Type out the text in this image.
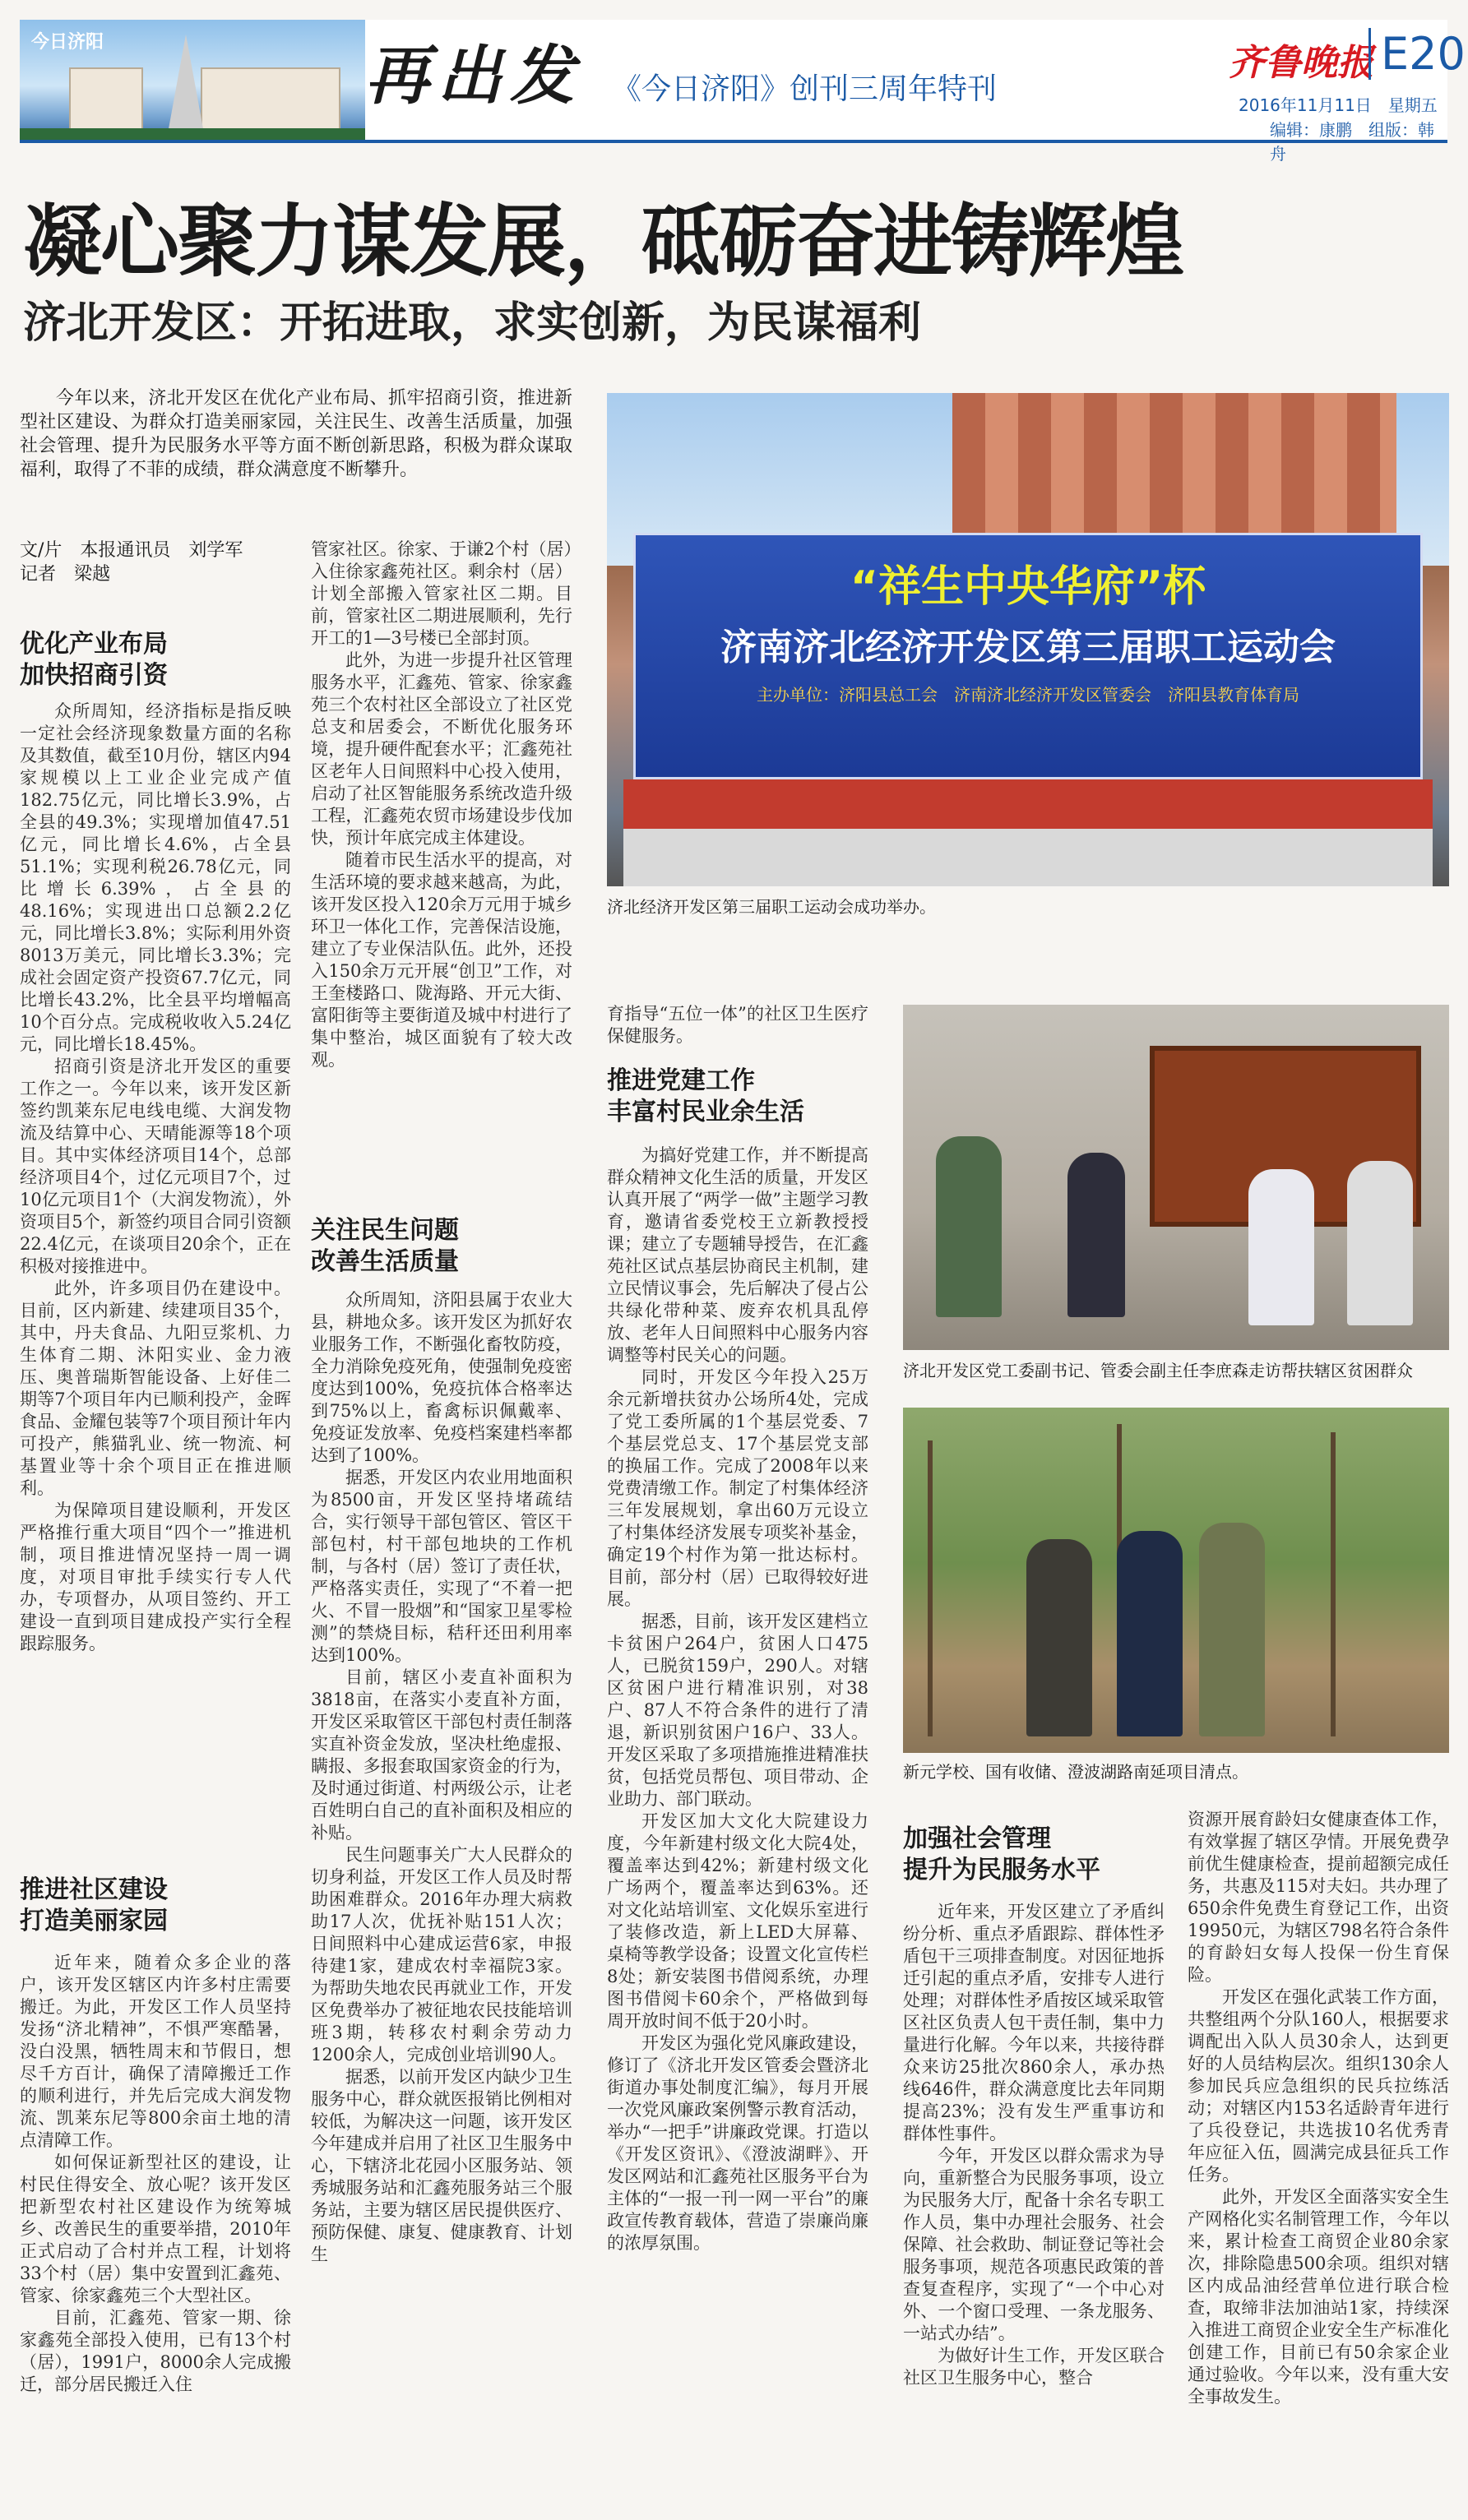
今日济阳	再出发 《今日济阳》创刊三周年特刊
齐鲁晚报 E20
2016年11月11日　星期五
编辑：康鹏　组版：韩舟
凝心聚力谋发展，砥砺奋进铸辉煌
济北开发区：开拓进取，求实创新，为民谋福利

今年以来，济北开发区在优化产业布局、抓牢招商引资，推进新型社区建设、为群众打造美丽家园，关注民生、改善生活质量，加强社会管理、提升为民服务水平等方面不断创新思路，积极为群众谋取福利，取得了不菲的成绩，群众满意度不断攀升。

文/片　本报通讯员　刘学军
记者　梁越
优化产业布局
加快招商引资

众所周知，经济指标是指反映一定社会经济现象数量方面的名称及其数值，截至10月份，辖区内94家规模以上工业企业完成产值182.75亿元，同比增长3.9%，占全县的49.3%；实现增加值47.51亿元，同比增长4.6%，占全县51.1%；实现利税26.78亿元，同比增长6.39%，占全县的48.16%；实现进出口总额2.2亿元，同比增长3.8%；实际利用外资8013万美元，同比增长3.3%；完成社会固定资产投资67.7亿元，同比增长43.2%，比全县平均增幅高10个百分点。完成税收收入5.24亿元，同比增长18.45%。

招商引资是济北开发区的重要工作之一。今年以来，该开发区新签约凯莱东尼电线电缆、大润发物流及结算中心、天晴能源等18个项目。其中实体经济项目14个，总部经济项目4个，过亿元项目7个，过10亿元项目1个（大润发物流），外资项目5个，新签约项目合同引资额22.4亿元，在谈项目20余个，正在积极对接推进中。

此外，许多项目仍在建设中。目前，区内新建、续建项目35个，其中，丹夫食品、九阳豆浆机、力生体育二期、沐阳实业、金力液压、奥普瑞斯智能设备、上好佳二期等7个项目年内已顺利投产，金晖食品、金耀包装等7个项目预计年内可投产，熊猫乳业、统一物流、柯基置业等十余个项目正在推进顺利。

为保障项目建设顺利，开发区严格推行重大项目“四个一”推进机制，项目推进情况坚持一周一调度，对项目审批手续实行专人代办，专项督办，从项目签约、开工建设一直到项目建成投产实行全程跟踪服务。

推进社区建设
打造美丽家园

近年来，随着众多企业的落户，该开发区辖区内许多村庄需要搬迁。为此，开发区工作人员坚持发扬“济北精神”，不惧严寒酷暑，没白没黑，牺牲周末和节假日，想尽千方百计，确保了清障搬迁工作的顺利进行，并先后完成大润发物流、凯莱东尼等800余亩土地的清点清障工作。

如何保证新型社区的建设，让村民住得安全、放心呢？该开发区把新型农村社区建设作为统筹城乡、改善民生的重要举措，2010年正式启动了合村并点工程，计划将33个村（居）集中安置到汇鑫苑、管家、徐家鑫苑三个大型社区。

目前，汇鑫苑、管家一期、徐家鑫苑全部投入使用，已有13个村（居），1991户，8000余人完成搬迁，部分居民搬迁入住

管家社区。徐家、于谦2个村（居）入住徐家鑫苑社区。剩余村（居）计划全部搬入管家社区二期。目前，管家社区二期进展顺利，先行开工的1—3号楼已全部封顶。

此外，为进一步提升社区管理服务水平，汇鑫苑、管家、徐家鑫苑三个农村社区全部设立了社区党总支和居委会，不断优化服务环境，提升硬件配套水平；汇鑫苑社区老年人日间照料中心投入使用，启动了社区智能服务系统改造升级工程，汇鑫苑农贸市场建设步伐加快，预计年底完成主体建设。

随着市民生活水平的提高，对生活环境的要求越来越高，为此，该开发区投入120余万元用于城乡环卫一体化工作，完善保洁设施，建立了专业保洁队伍。此外，还投入150余万元开展“创卫”工作，对王奎楼路口、陇海路、开元大街、富阳街等主要街道及城中村进行了集中整治，城区面貌有了较大改观。

关注民生问题
改善生活质量

众所周知，济阳县属于农业大县，耕地众多。该开发区为抓好农业服务工作，不断强化畜牧防疫，全力消除免疫死角，使强制免疫密度达到100%，免疫抗体合格率达到75%以上，畜禽标识佩戴率、免疫证发放率、免疫档案建档率都达到了100%。

据悉，开发区内农业用地面积为8500亩，开发区坚持堵疏结合，实行领导干部包管区、管区干部包村，村干部包地块的工作机制，与各村（居）签订了责任状，严格落实责任，实现了“不着一把火、不冒一股烟”和“国家卫星零检测”的禁烧目标，秸秆还田利用率达到100%。

目前，辖区小麦直补面积为3818亩，在落实小麦直补方面，开发区采取管区干部包村责任制落实直补资金发放，坚决杜绝虚报、瞒报、多报套取国家资金的行为，及时通过街道、村两级公示，让老百姓明白自己的直补面积及相应的补贴。

民生问题事关广大人民群众的切身利益，开发区工作人员及时帮助困难群众。2016年办理大病救助17人次，优抚补贴151人次；日间照料中心建成运营6家，申报待建1家，建成农村幸福院3家。为帮助失地农民再就业工作，开发区免费举办了被征地农民技能培训班3期，转移农村剩余劳动力1200余人，完成创业培训90人。

据悉，以前开发区内缺少卫生服务中心，群众就医报销比例相对较低，为解决这一问题，该开发区今年建成并启用了社区卫生服务中心，下辖济北花园小区服务站、领秀城服务站和汇鑫苑服务站三个服务站，主要为辖区居民提供医疗、预防保健、康复、健康教育、计划生

“祥生中央华府”杯
济南济北经济开发区第三届职工运动会
主办单位：济阳县总工会　济南济北经济开发区管委会　济阳县教育体育局
济北经济开发区第三届职工运动会成功举办。

育指导“五位一体”的社区卫生医疗保健服务。

推进党建工作
丰富村民业余生活

为搞好党建工作，并不断提高群众精神文化生活的质量，开发区认真开展了“两学一做”主题学习教育，邀请省委党校王立新教授授课；建立了专题辅导授告，在汇鑫苑社区试点基层协商民主机制，建立民情议事会，先后解决了侵占公共绿化带种菜、废弃农机具乱停放、老年人日间照料中心服务内容调整等村民关心的问题。

同时，开发区今年投入25万余元新增扶贫办公场所4处，完成了党工委所属的1个基层党委、7个基层党总支、17个基层党支部的换届工作。完成了2008年以来党费清缴工作。制定了村集体经济三年发展规划，拿出60万元设立了村集体经济发展专项奖补基金，确定19个村作为第一批达标村。目前，部分村（居）已取得较好进展。

据悉，目前，该开发区建档立卡贫困户264户，贫困人口475人，已脱贫159户，290人。对辖区贫困户进行精准识别，对38户、87人不符合条件的进行了清退，新识别贫困户16户、33人。开发区采取了多项措施推进精准扶贫，包括党员帮包、项目带动、企业助力、部门联动。

开发区加大文化大院建设力度，今年新建村级文化大院4处，覆盖率达到42%；新建村级文化广场两个，覆盖率达到63%。还对文化站培训室、文化娱乐室进行了装修改造，新上LED大屏幕、桌椅等教学设备；设置文化宣传栏8处；新安装图书借阅系统，办理图书借阅卡60余个，严格做到每周开放时间不低于20小时。

开发区为强化党风廉政建设，修订了《济北开发区管委会暨济北街道办事处制度汇编》，每月开展一次党风廉政案例警示教育活动，举办“一把手”讲廉政党课。打造以《开发区资讯》、《澄波湖畔》、开发区网站和汇鑫苑社区服务平台为主体的“一报一刊一网一平台”的廉政宣传教育载体，营造了崇廉尚廉的浓厚氛围。

济北开发区党工委副书记、管委会副主任李庶森走访帮扶辖区贫困群众
新元学校、国有收储、澄波湖路南延项目清点。
加强社会管理
提升为民服务水平

近年来，开发区建立了矛盾纠纷分析、重点矛盾跟踪、群体性矛盾包干三项排查制度。对因征地拆迁引起的重点矛盾，安排专人进行处理；对群体性矛盾按区域采取管区社区负责人包干责任制，集中力量进行化解。今年以来，共接待群众来访25批次860余人，承办热线646件，群众满意度比去年同期提高23%；没有发生严重事访和群体性事件。

今年，开发区以群众需求为导向，重新整合为民服务事项，设立为民服务大厅，配备十余名专职工作人员，集中办理社会服务、社会保障、社会救助、制证登记等社会服务事项，规范各项惠民政策的普查复查程序，实现了“一个中心对外、一个窗口受理、一条龙服务、一站式办结”。

为做好计生工作，开发区联合社区卫生服务中心，整合

资源开展育龄妇女健康查体工作，有效掌握了辖区孕情。开展免费孕前优生健康检查，提前超额完成任务，共惠及115对夫妇。共办理了650余件免费生育登记工作，出资19950元，为辖区798名符合条件的育龄妇女每人投保一份生育保险。

开发区在强化武装工作方面，共整组两个分队160人，根据要求调配出入队人员30余人，达到更好的人员结构层次。组织130余人参加民兵应急组织的民兵拉练活动；对辖区内153名适龄青年进行了兵役登记，共选拔10名优秀青年应征入伍，圆满完成县征兵工作任务。

此外，开发区全面落实安全生产网格化实名制管理工作，今年以来，累计检查工商贸企业80余家次，排除隐患500余项。组织对辖区内成品油经营单位进行联合检查，取缔非法加油站1家，持续深入推进工商贸企业安全生产标准化创建工作，目前已有50余家企业通过验收。今年以来，没有重大安全事故发生。
